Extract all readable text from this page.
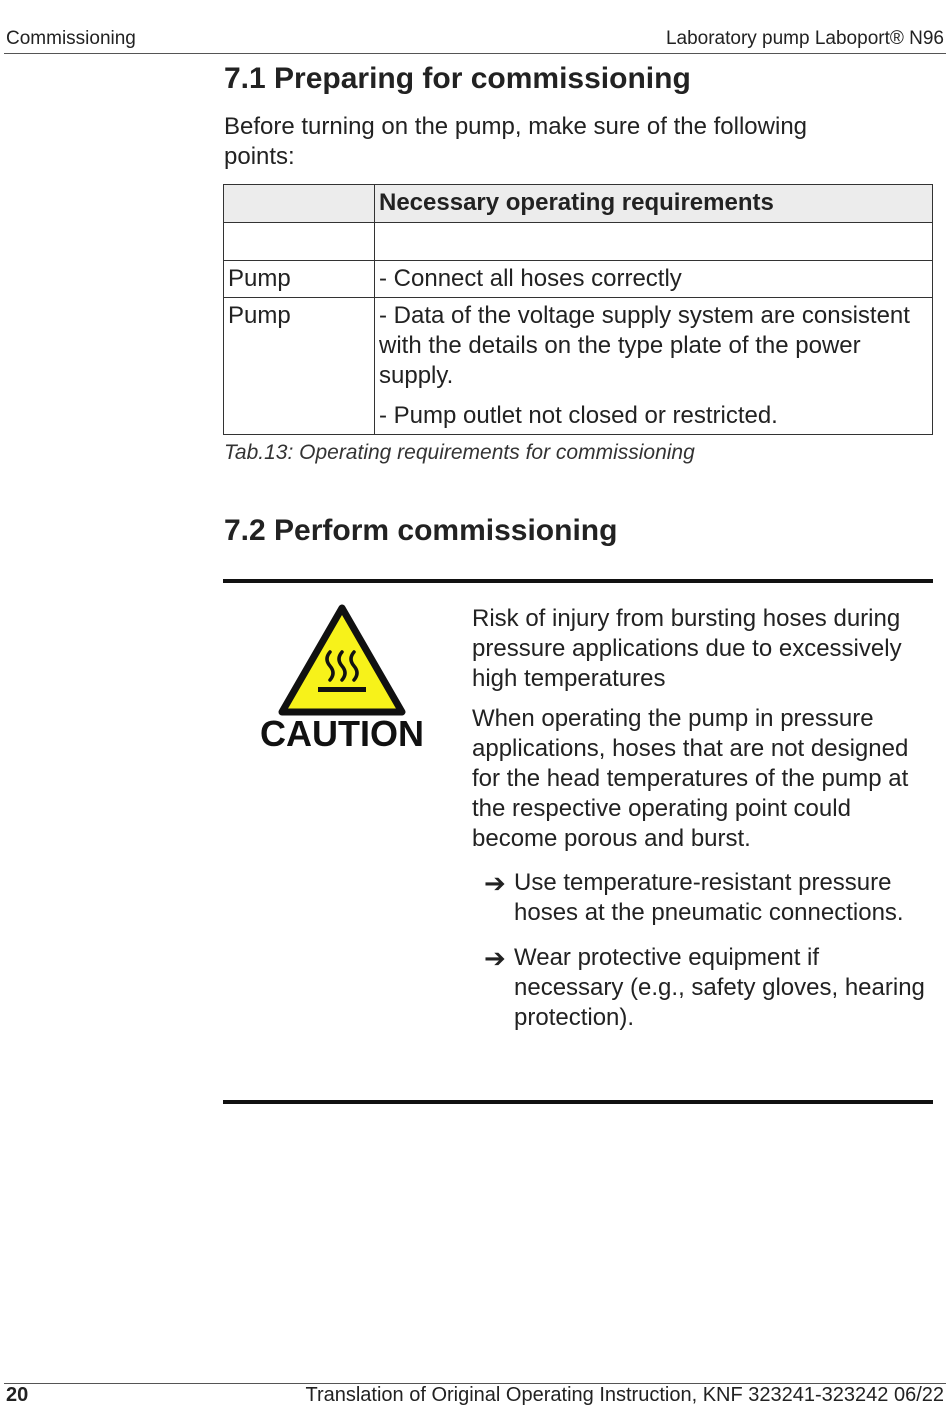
Commissioning	Laboratory pump Laboport® N96
7.1 Preparing for commissioning
Before turning on the pump, make sure of the following points:
	Necessary operating requirements

Pump	- Connect all hoses correctly
Pump	- Data of the voltage supply system are consistent with the details on the type plate of the power supply.
- Pump outlet not closed or restricted.
Tab.13: Operating requirements for commissioning
7.2 Perform commissioning
CAUTION

Risk of injury from bursting hoses during pressure applications due to excessively high temperatures

When operating the pump in pressure applications, hoses that are not designed for the head temperatures of the pump at the respective operating point could become porous and burst.

➔ Use temperature-resistant pressure hoses at the pneumatic connections.
➔ Wear protective equipment if necessary (e.g., safety gloves, hearing protection).
20	Translation of Original Operating Instruction, KNF 323241-323242 06/22
